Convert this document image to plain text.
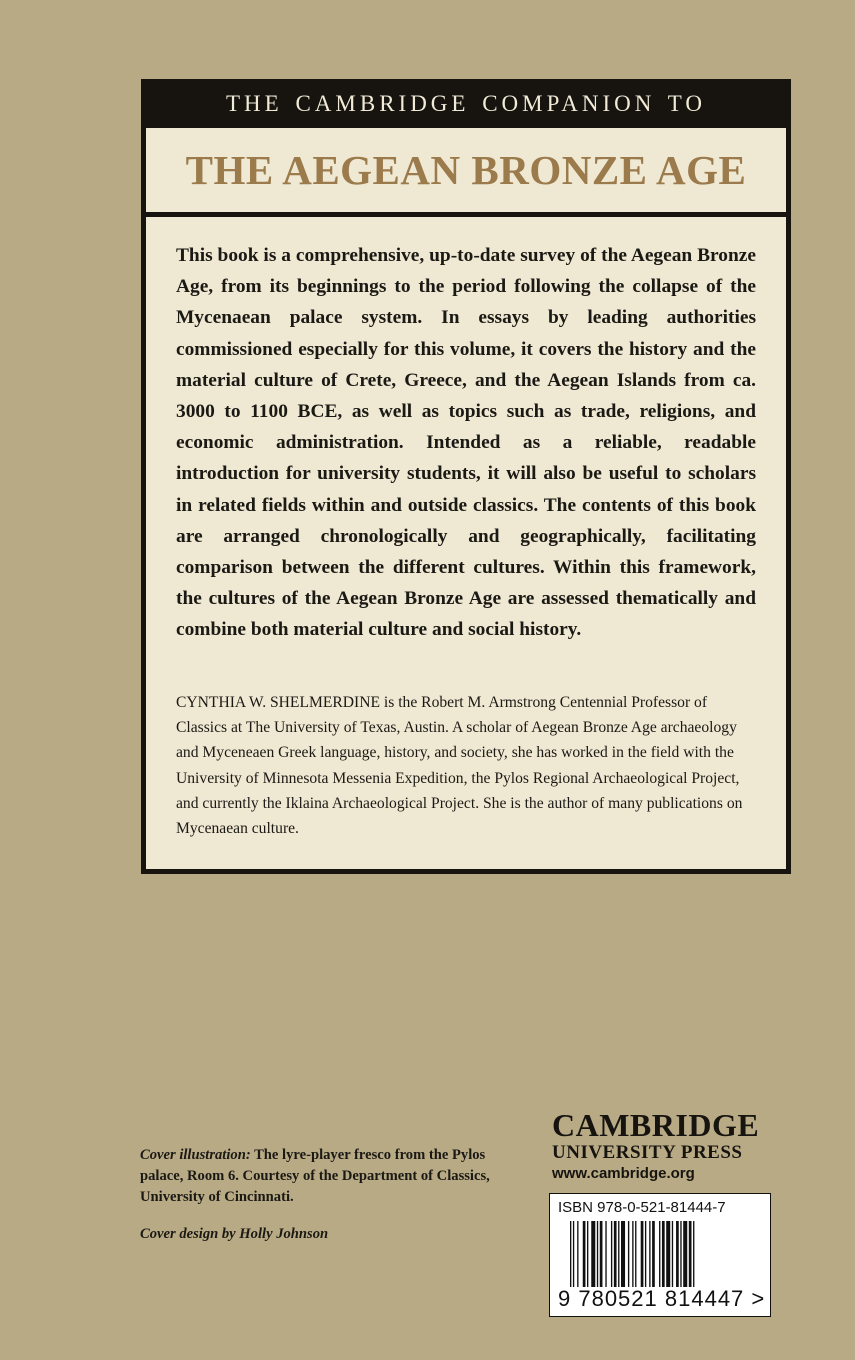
THE CAMBRIDGE COMPANION TO
THE AEGEAN BRONZE AGE

This book is a comprehensive, up-to-date survey of the Aegean Bronze Age, from its beginnings to the period following the collapse of the Mycenaean palace system. In essays by leading authorities commissioned especially for this volume, it covers the history and the material culture of Crete, Greece, and the Aegean Islands from ca. 3000 to 1100 BCE, as well as topics such as trade, religions, and economic administration. Intended as a reliable, readable introduction for university students, it will also be useful to scholars in related fields within and outside classics. The contents of this book are arranged chronologically and geographically, facilitating comparison between the different cultures. Within this framework, the cultures of the Aegean Bronze Age are assessed thematically and combine both material culture and social history.

CYNTHIA W. SHELMERDINE is the Robert M. Armstrong Centennial Professor of Classics at The University of Texas, Austin. A scholar of Aegean Bronze Age archaeology and Myceneaen Greek language, history, and society, she has worked in the field with the University of Minnesota Messenia Expedition, the Pylos Regional Archaeological Project, and currently the Iklaina Archaeological Project. She is the author of many publications on Mycenaean culture.

Cover illustration: The lyre-player fresco from the Pylos palace, Room 6. Courtesy of the Department of Classics, University of Cincinnati.

Cover design by Holly Johnson

CAMBRIDGE
UNIVERSITY PRESS
www.cambridge.org
ISBN 978-0-521-81444-7
9 780521 814447 >
